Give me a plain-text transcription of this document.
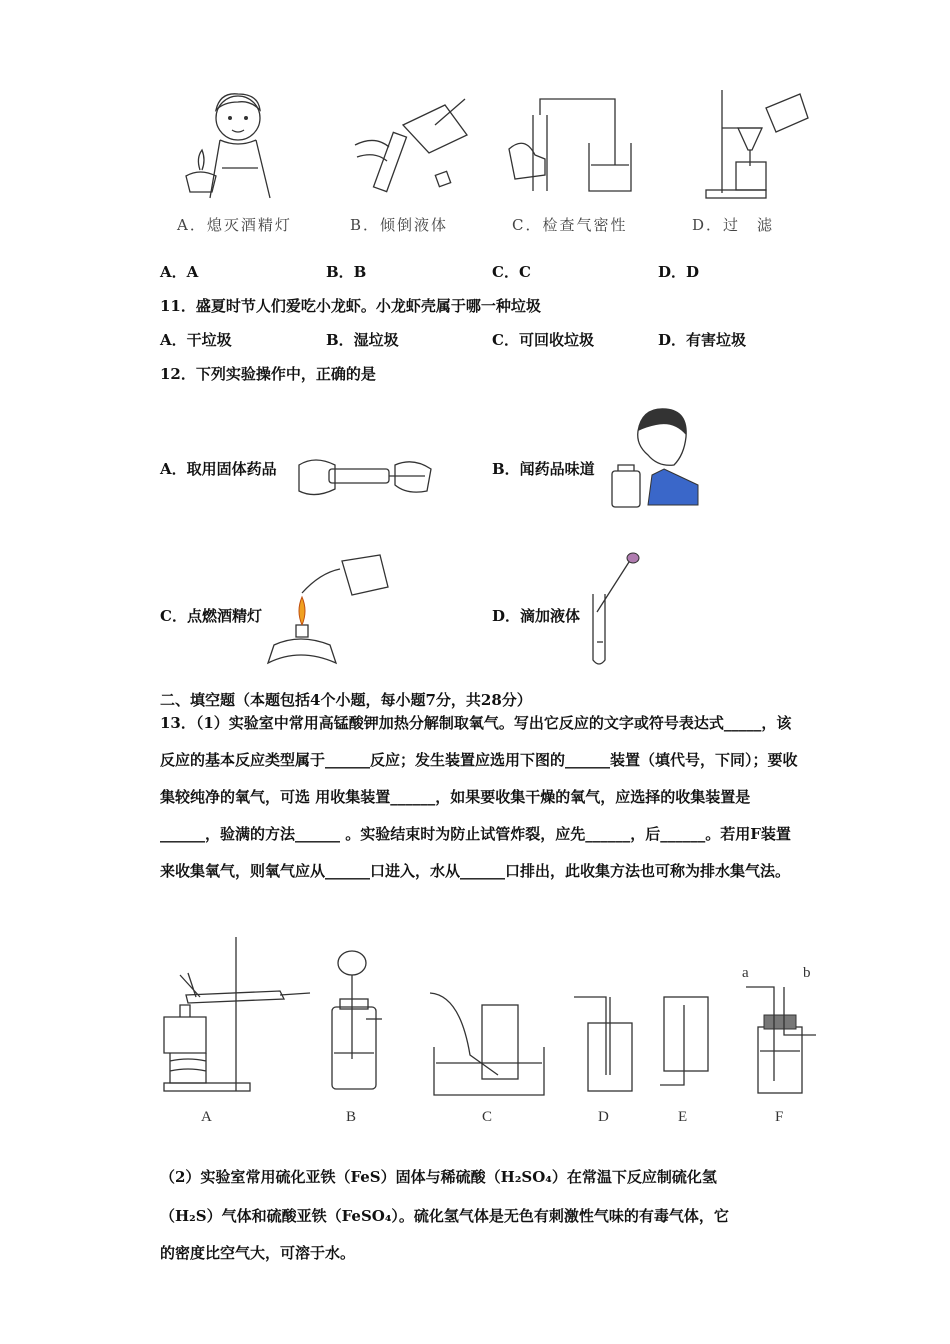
A．熄灭酒精灯	B．倾倒液体	C．检查气密性	D．过　滤
A．A	B．B	C．C	D．D
11．盛夏时节人们爱吃小龙虾。小龙虾壳属于哪一种垃圾
A．干垃圾	B．湿垃圾	C．可回收垃圾	D．有害垃圾
12．下列实验操作中，正确的是
A．取用固体药品	B．闻药品味道
C．点燃酒精灯	D．滴加液体
二、填空题（本题包括4个小题，每小题7分，共28分）
13．（1）实验室中常用高锰酸钾加热分解制取氧气。写出它反应的文字或符号表达式_____，该反应的基本反应类型属于______反应；发生装置应选用下图的______装置（填代号，下同）；要收集较纯净的氧气，可选 用收集装置______，如果要收集干燥的氧气，应选择的收集装置是______，验满的方法______ 。实验结束时为防止试管炸裂，应先______，后______。若用F装置来收集氧气，则氧气应从______口进入，水从______口排出，此收集方法也可称为排水集气法。
a	b
A	B	C	D	E	F
（2）实验室常用硫化亚铁（FeS）固体与稀硫酸（H₂SO₄）在常温下反应制硫化氢
（H₂S）气体和硫酸亚铁（FeSO₄）。硫化氢气体是无色有刺激性气味的有毒气体，它
的密度比空气大，可溶于水。
